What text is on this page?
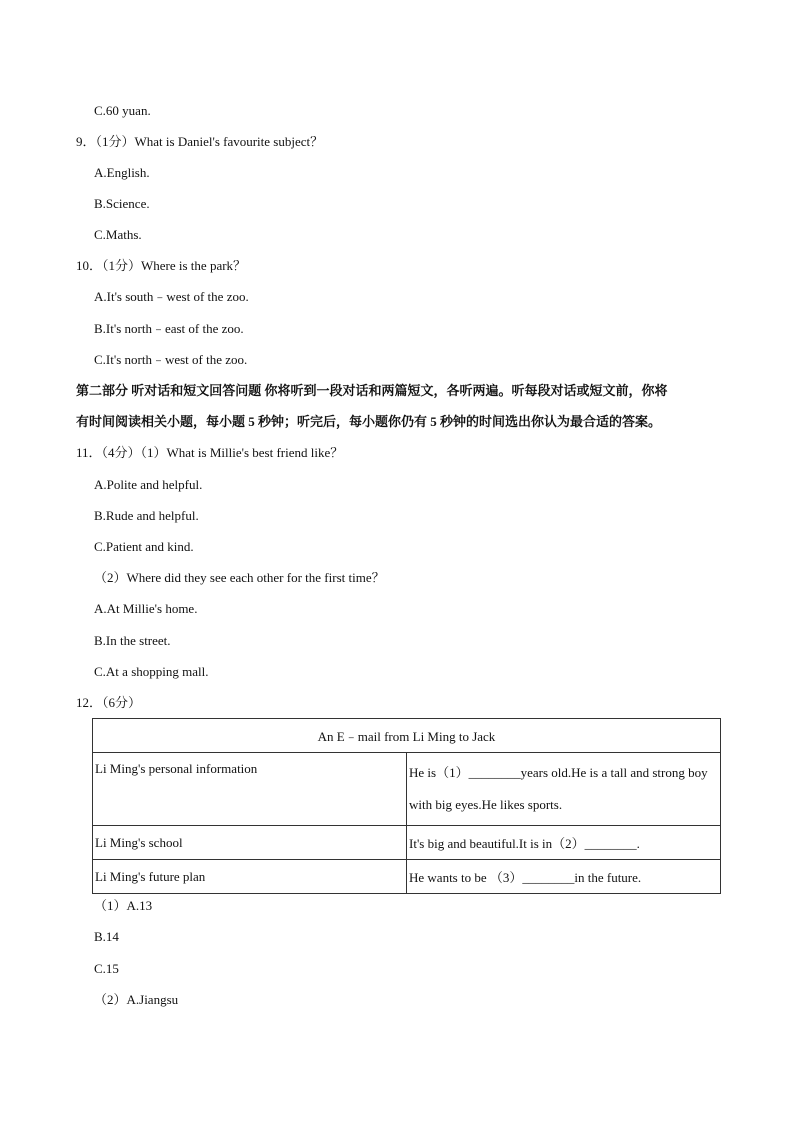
C.60 yuan.
9．（1分）What is Daniel's favourite subject？
A.English.
B.Science.
C.Maths.
10．（1分）Where is the park？
A.It's south﹣west of the zoo.
B.It's north﹣east of the zoo.
C.It's north﹣west of the zoo.
第二部分 听对话和短文回答问题 你将听到一段对话和两篇短文，各听两遍。听每段对话或短文前，你将
有时间阅读相关小题，每小题 5 秒钟；听完后，每小题你仍有 5 秒钟的时间选出你认为最合适的答案。
11．（4分）（1）What is Millie's best friend like？
A.Polite and helpful.
B.Rude and helpful.
C.Patient and kind.
（2）Where did they see each other for the first time？
A.At Millie's home.
B.In the street.
C.At a shopping mall.
12．（6分）
An E﹣mail from Li Ming to Jack	
Li Ming's personal information	He is（1）________years old.He is a tall and strong boy
with big eyes.He likes sports.

Li Ming's school	It's big and beautiful.It is in（2）________.
Li Ming's future plan	He wants to be （3）________in the future.
（1）A.13
B.14
C.15
（2）A.Jiangsu
